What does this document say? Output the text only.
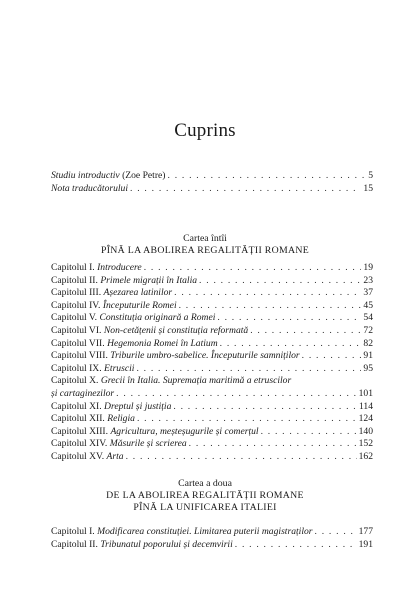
Cuprins
Studiu introductiv (Zoe Petre) . . .	5
Nota traducătorului . . .	15
Cartea întîi
PÎNĂ LA ABOLIREA REGALITĂȚII ROMANE
Capitolul I. Introducere . . .	19
Capitolul II. Primele migrații în Italia . . .	23
Capitolul III. Așezarea latinilor . . .	37
Capitolul IV. Începuturile Romei . . .	45
Capitolul V. Constituția originară a Romei . . .	54
Capitolul VI. Non-cetățenii și constituția reformată . . .	72
Capitolul VII. Hegemonia Romei în Latium . . .	82
Capitolul VIII. Triburile umbro-sabelice. Începuturile samniților . . .	91
Capitolul IX. Etruscii . . .	95
Capitolul X. Grecii în Italia. Supremația maritimă a etruscilor
și cartaginezilor . . .	101
Capitolul XI. Dreptul și justiția . . .	114
Capitolul XII. Religia . . .	124
Capitolul XIII. Agricultura, meșteșugurile și comerțul . . .	140
Capitolul XIV. Măsurile și scrierea . . .	152
Capitolul XV. Arta . . .	162
Cartea a doua
DE LA ABOLIREA REGALITĂȚII ROMANE
PÎNĂ LA UNIFICAREA ITALIEI
Capitolul I. Modificarea constituției. Limitarea puterii magistraților . . .	177
Capitolul II. Tribunatul poporului și decemvirii . . .	191
